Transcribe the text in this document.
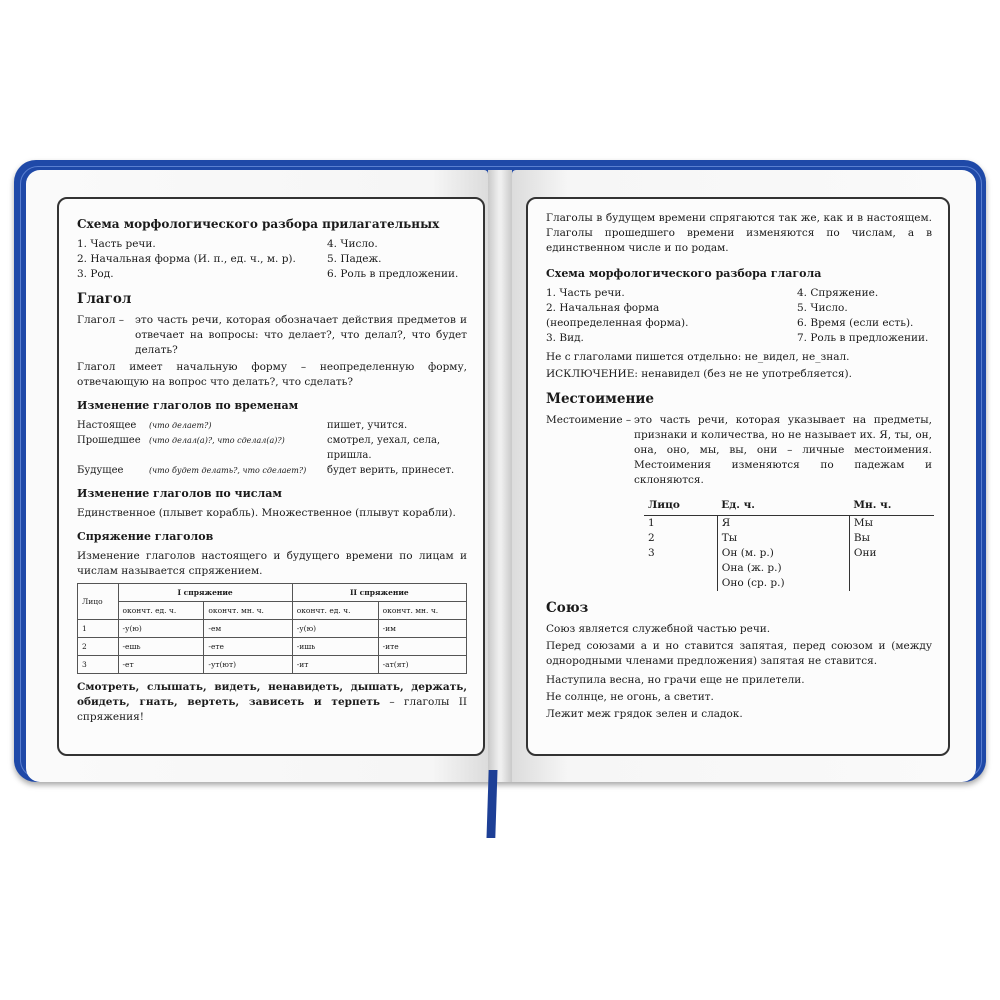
Схема морфологического разбора прилагательных
1. Часть речи.
2. Начальная форма (И. п., ед. ч., м. р).
3. Род.
4. Число.
5. Падеж.
6. Роль в предложении.
Глагол
Глагол –	это часть речи, которая обозначает действия предметов и отвечает на вопросы: что делает?, что делал?, что будет делать?
Глагол имеет начальную форму – неопределенную форму, отвечающую на вопрос что делать?, что сделать?
Изменение глаголов по временам
Настоящее	(что делает?)	пишет, учится.
Прошедшее	(что делал(а)?, что сделал(а)?)	смотрел, уехал, села,
пришла.
Будущее	(что будет делать?, что сделает?)	будет верить, принесет.
Изменение глаголов по числам
Единственное (плывет корабль). Множественное (плывут корабли).
Спряжение глаголов
Изменение глаголов настоящего и будущего времени по лицам и числам называется спряжением.
Лицо	I спряжение		II спряжение	
	окончт. ед. ч.	окончт. мн. ч.	окончт. ед. ч.	окончт. мн. ч.
1	-у(ю)	-ем	-у(ю)	-им
2	-ешь	-ете	-ишь	-ите
3	-ет	-ут(ют)	-ит	-ат(ят)
Смотреть, слышать, видеть, ненавидеть, дышать, держать, обидеть, гнать, вертеть, зависеть и терпеть – глаголы II спряжения!
Глаголы в будущем времени спрягаются так же, как и в настоящем. Глаголы прошедшего времени изменяются по числам, а в единственном числе и по родам.
Схема морфологического разбора глагола
1. Часть речи.
2. Начальная форма (неопределенная форма).
3. Вид.
4. Спряжение.
5. Число.
6. Время (если есть).
7. Роль в предложении.
Не с глаголами пишется отдельно: не_видел, не_знал.
ИСКЛЮЧЕНИЕ: ненавидел (без не не употребляется).
Местоимение
Местоимение – это часть речи, которая указывает на предметы, признаки и количества, но не называет их. Я, ты, он, она, оно, мы, вы, они – личные местоимения. Местоимения изменяются по падежам и склоняются.
Лицо	Ед. ч.	Мн. ч.
1	Я	Мы
2	Ты	Вы
3	Он (м. р.)	Они
	Она (ж. р.)	
	Оно (ср. р.)	
Союз
Союз является служебной частью речи.
Перед союзами а и но ставится запятая, перед союзом и (между однородными членами предложения) запятая не ставится.
Наступила весна, но грачи еще не прилетели.
Не солнце, не огонь, а светит.
Лежит меж грядок зелен и сладок.
